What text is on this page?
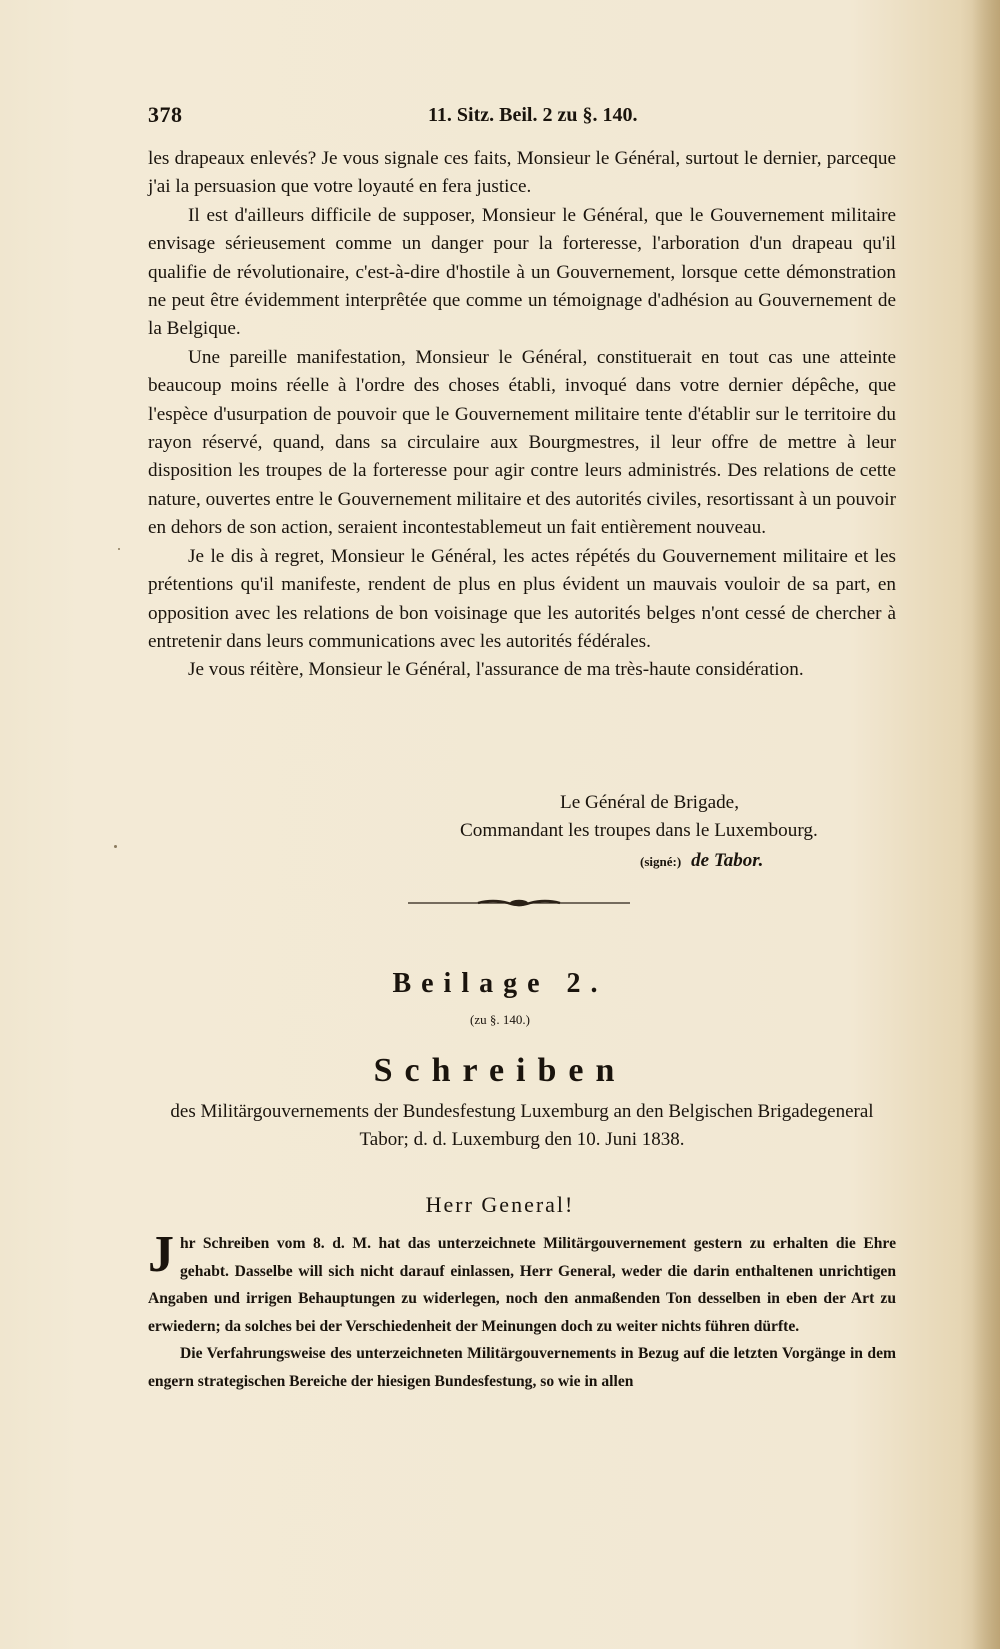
378	11. Sitz. Beil. 2 zu §. 140.

les drapeaux enlevés? Je vous signale ces faits, Monsieur le Général, surtout le dernier, parceque j'ai la persuasion que votre loyauté en fera justice.

Il est d'ailleurs difficile de supposer, Monsieur le Général, que le Gouvernement militaire envisage sérieusement comme un danger pour la forteresse, l'arboration d'un drapeau qu'il qualifie de révolutionaire, c'est-à-dire d'hostile à un Gouvernement, lorsque cette démonstration ne peut être évidemment interprêtée que comme un témoignage d'adhésion au Gouvernement de la Belgique.

Une pareille manifestation, Monsieur le Général, constituerait en tout cas une atteinte beaucoup moins réelle à l'ordre des choses établi, invoqué dans votre dernier dépêche, que l'espèce d'usurpation de pouvoir que le Gouvernement militaire tente d'établir sur le territoire du rayon réservé, quand, dans sa circulaire aux Bourgmestres, il leur offre de mettre à leur disposition les troupes de la forteresse pour agir contre leurs administrés. Des relations de cette nature, ouvertes entre le Gouvernement militaire et des autorités civiles, resortissant à un pouvoir en dehors de son action, seraient incontestablemeut un fait entièrement nouveau.

Je le dis à regret, Monsieur le Général, les actes répétés du Gouvernement militaire et les prétentions qu'il manifeste, rendent de plus en plus évident un mauvais vouloir de sa part, en opposition avec les relations de bon voisinage que les autorités belges n'ont cessé de chercher à entretenir dans leurs communications avec les autorités fédérales.

Je vous réitère, Monsieur le Général, l'assurance de ma très-haute considération.

Le Général de Brigade,
Commandant les troupes dans le Luxembourg.
(signé:) de Tabor.
Beilage 2.
(zu §. 140.)
Schreiben
des Militärgouvernements der Bundesfestung Luxemburg an den Belgischen Brigadegeneral Tabor; d. d. Luxemburg den 10. Juni 1838.
Herr General!

Jhr Schreiben vom 8. d. M. hat das unterzeichnete Militärgouvernement gestern zu erhalten die Ehre gehabt. Dasselbe will sich nicht darauf einlassen, Herr General, weder die darin enthaltenen unrichtigen Angaben und irrigen Behauptungen zu widerlegen, noch den anmaßenden Ton desselben in eben der Art zu erwiedern; da solches bei der Verschiedenheit der Meinungen doch zu weiter nichts führen dürfte.

Die Verfahrungsweise des unterzeichneten Militärgouvernements in Bezug auf die letzten Vorgänge in dem engern strategischen Bereiche der hiesigen Bundesfestung, so wie in allen
